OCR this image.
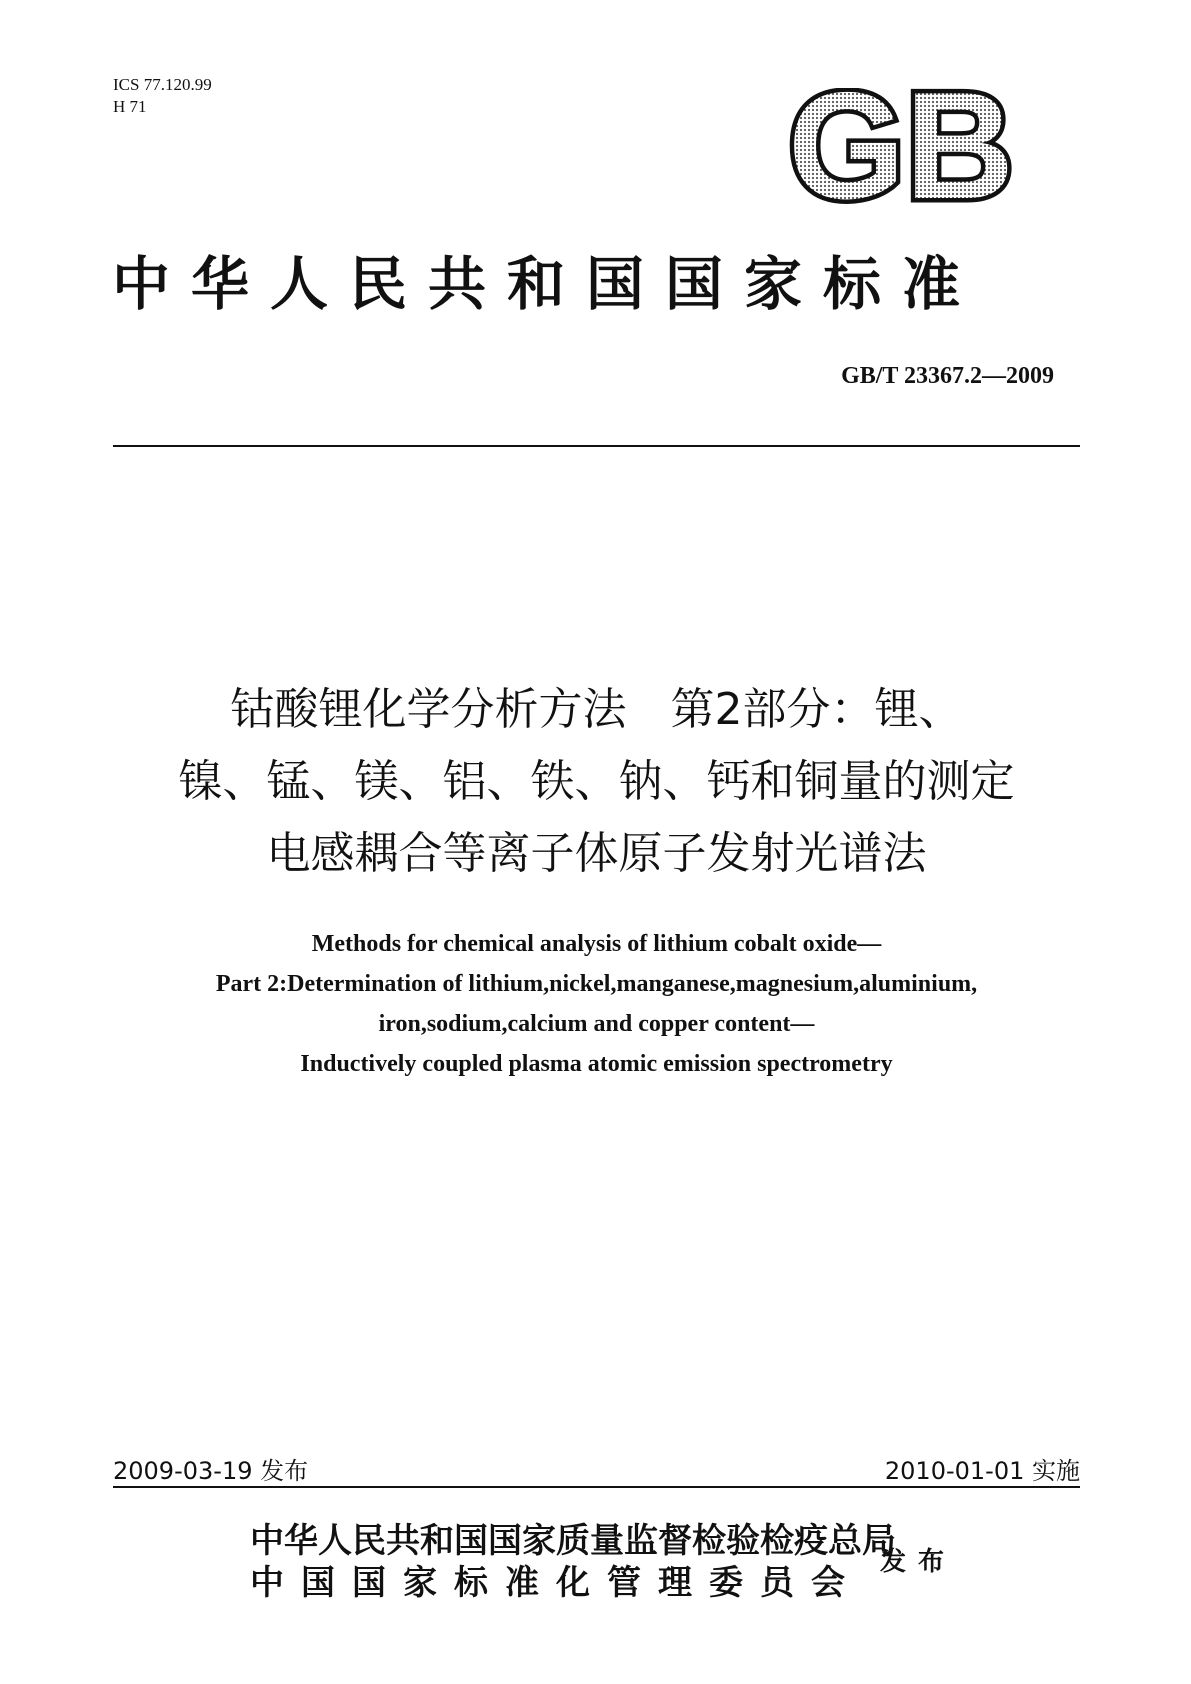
ICS 77.120.99
H 71	GB
中华人民共和国国家标准
GB/T 23367.2—2009
钴酸锂化学分析方法　第2部分：锂、
镍、锰、镁、铝、铁、钠、钙和铜量的测定
电感耦合等离子体原子发射光谱法
Methods for chemical analysis of lithium cobalt oxide—
Part 2:Determination of lithium,nickel,manganese,magnesium,aluminium,
iron,sodium,calcium and copper content—
Inductively coupled plasma atomic emission spectrometry
2009-03-19 发布	2010-01-01 实施
中华人民共和国国家质量监督检验检疫总局
中国国家标准化管理委员会
发布
